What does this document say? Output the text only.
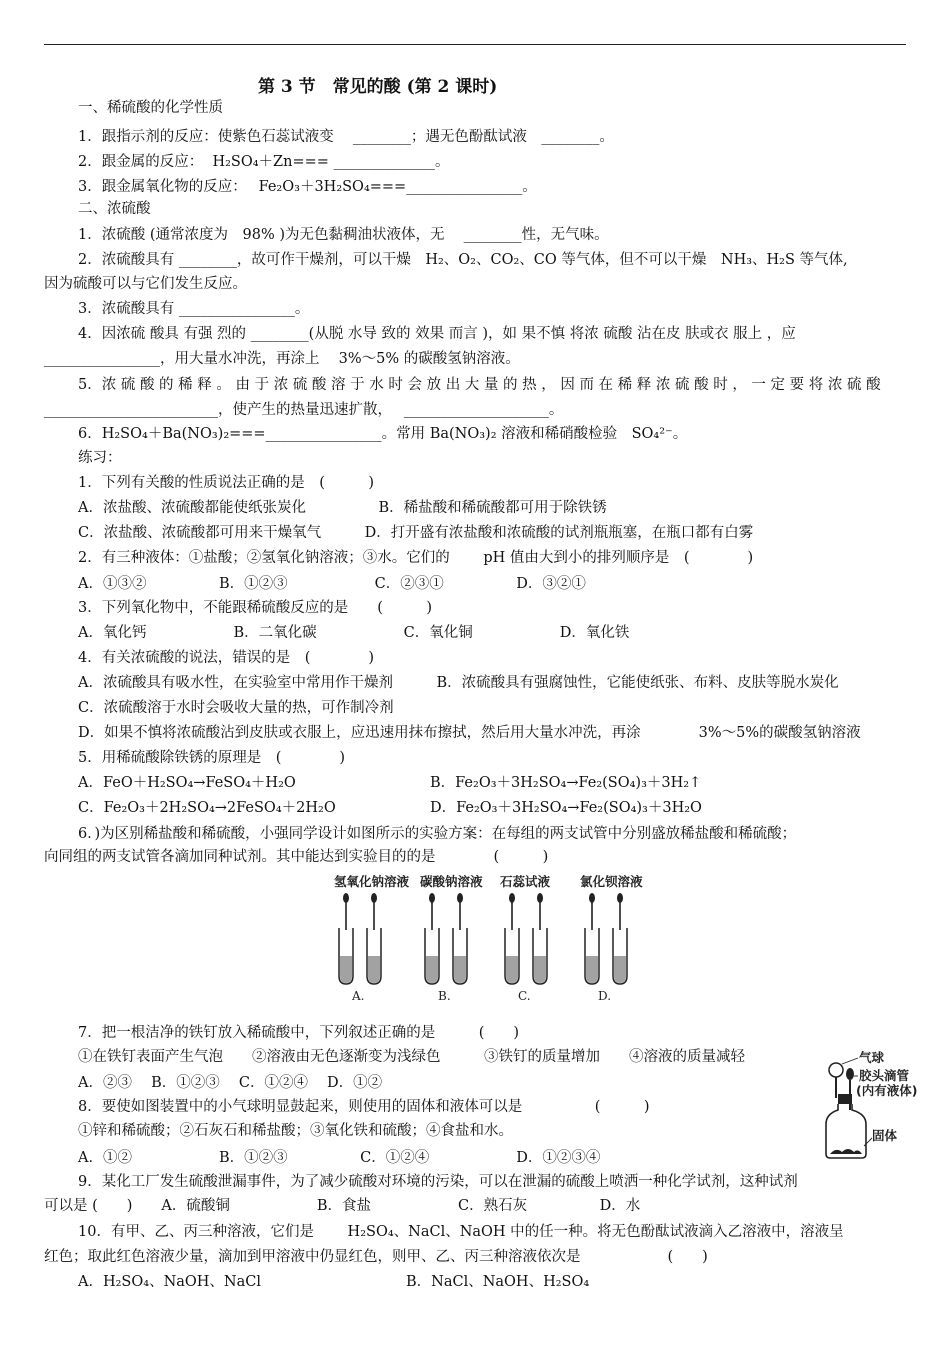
第 3 节　常见的酸 (第 2 课时)
一、稀硫酸的化学性质
1．跟指示剂的反应：使紫色石蕊试液变　 ________；遇无色酚酞试液　________。
2．跟金属的反应：  H₂SO₄＋Zn=== ______________。
3．跟金属氧化物的反应：　 Fe₂O₃＋3H₂SO₄===________________。
二、浓硫酸
1．浓硫酸 (通常浓度为　98% )为无色黏稠油状液体，无　 ________性，无气味。
2．浓硫酸具有 ________，故可作干燥剂，可以干燥　H₂、O₂、CO₂、CO 等气体，但不可以干燥　NH₃、H₂S 等气体,
因为硫酸可以与它们发生反应。
3．浓硫酸具有 ________________。
4．因浓硫 酸具 有强 烈的 ________(从脱 水导 致的 效果 而言 )，如 果不慎 将浓 硫酸 沾在皮 肤或衣 服上 ，应
________________，用大量水冲洗，再涂上　 3%～5% 的碳酸氢钠溶液。
5．浓 硫 酸 的 稀 释 。 由 于 浓 硫 酸 溶 于 水 时 会 放 出 大 量 的 热 ， 因 而 在 稀 释 浓 硫 酸 时 ， 一 定 要 将 浓 硫 酸
________________________，使产生的热量迅速扩散，　 ____________________。
6．H₂SO₄＋Ba(NO₃)₂===________________。常用 Ba(NO₃)₂ 溶液和稀硝酸检验　SO₄²⁻。
练习：
1．下列有关酸的性质说法正确的是　(　　　)
A．浓盐酸、浓硫酸都能使纸张炭化　　　　　B．稀盐酸和稀硫酸都可用于除铁锈
C．浓盐酸、浓硫酸都可用来干燥氧气　　　D．打开盛有浓盐酸和浓硫酸的试剂瓶瓶塞，在瓶口都有白雾
2．有三种液体：①盐酸；②氢氧化钠溶液；③水。它们的　　 pH 值由大到小的排列顺序是　(　　　　)
A．①③②　　　　　B．①②③　　　　　　C．②③①　　　　　D．③②①
3．下列氧化物中，不能跟稀硫酸反应的是　　(　　　)
A．氧化钙　　　　　　B．二氧化碳　　　　　　C．氧化铜　　　　　　D．氧化铁
4．有关浓硫酸的说法，错误的是　(　　　　)
A．浓硫酸具有吸水性，在实验室中常用作干燥剂　　　B．浓硫酸具有强腐蚀性，它能使纸张、布料、皮肤等脱水炭化
C．浓硫酸溶于水时会吸收大量的热，可作制冷剂
D．如果不慎将浓硫酸沾到皮肤或衣服上，应迅速用抹布擦拭，然后用大量水冲洗，再涂　　　　3%～5%的碳酸氢钠溶液
5．用稀硫酸除铁锈的原理是　(　　　　)
A．FeO＋H₂SO₄→FeSO₄＋H₂O	B．Fe₂O₃＋3H₂SO₄→Fe₂(SO₄)₃＋3H₂↑
C．Fe₂O₃＋2H₂SO₄→2FeSO₄＋2H₂O	D．Fe₂O₃＋3H₂SO₄→Fe₂(SO₄)₃＋3H₂O
6．)为区别稀盐酸和稀硫酸，小强同学设计如图所示的实验方案：在每组的两支试管中分别盛放稀盐酸和稀硫酸；
向同组的两支试管各滴加同种试剂。其中能达到实验目的的是　　　　(　　　)
7．把一根洁净的铁钉放入稀硫酸中，下列叙述正确的是　　　(　　)
①在铁钉表面产生气泡　　②溶液由无色逐渐变为浅绿色　　　③铁钉的质量增加　　④溶液的质量减轻
A．②③　 B．①②③　 C．①②④　 D．①②
8．要使如图装置中的小气球明显鼓起来，则使用的固体和液体可以是　　　　　(　　　)
①锌和稀硫酸；②石灰石和稀盐酸；③氧化铁和硫酸；④食盐和水。
A．①②　　　　　　B．①②③　　　　　C．①②④　　　　　　D．①②③④
9．某化工厂发生硫酸泄漏事件，为了减少硫酸对环境的污染，可以在泄漏的硫酸上喷洒一种化学试剂，这种试剂
可以是 (　　)　　A．硫酸铜　　　　　　B．食盐　　　　　　C．熟石灰　　　　　D．水
10．有甲、乙、丙三种溶液，它们是　　 H₂SO₄、NaCl、NaOH 中的任一种。将无色酚酞试液滴入乙溶液中，溶液呈
红色；取此红色溶液少量，滴加到甲溶液中仍显红色，则甲、乙、丙三种溶液依次是　　　　　　(　　)
A．H₂SO₄、NaOH、NaCl　　　　　　　　　　B．NaCl、NaOH、H₂SO₄
氢氧化钠溶液
A.
碳酸钠溶液
B.
石蕊试液
C.
氯化钡溶液
D.
气球
胶头滴管
(内有液体)
固体
